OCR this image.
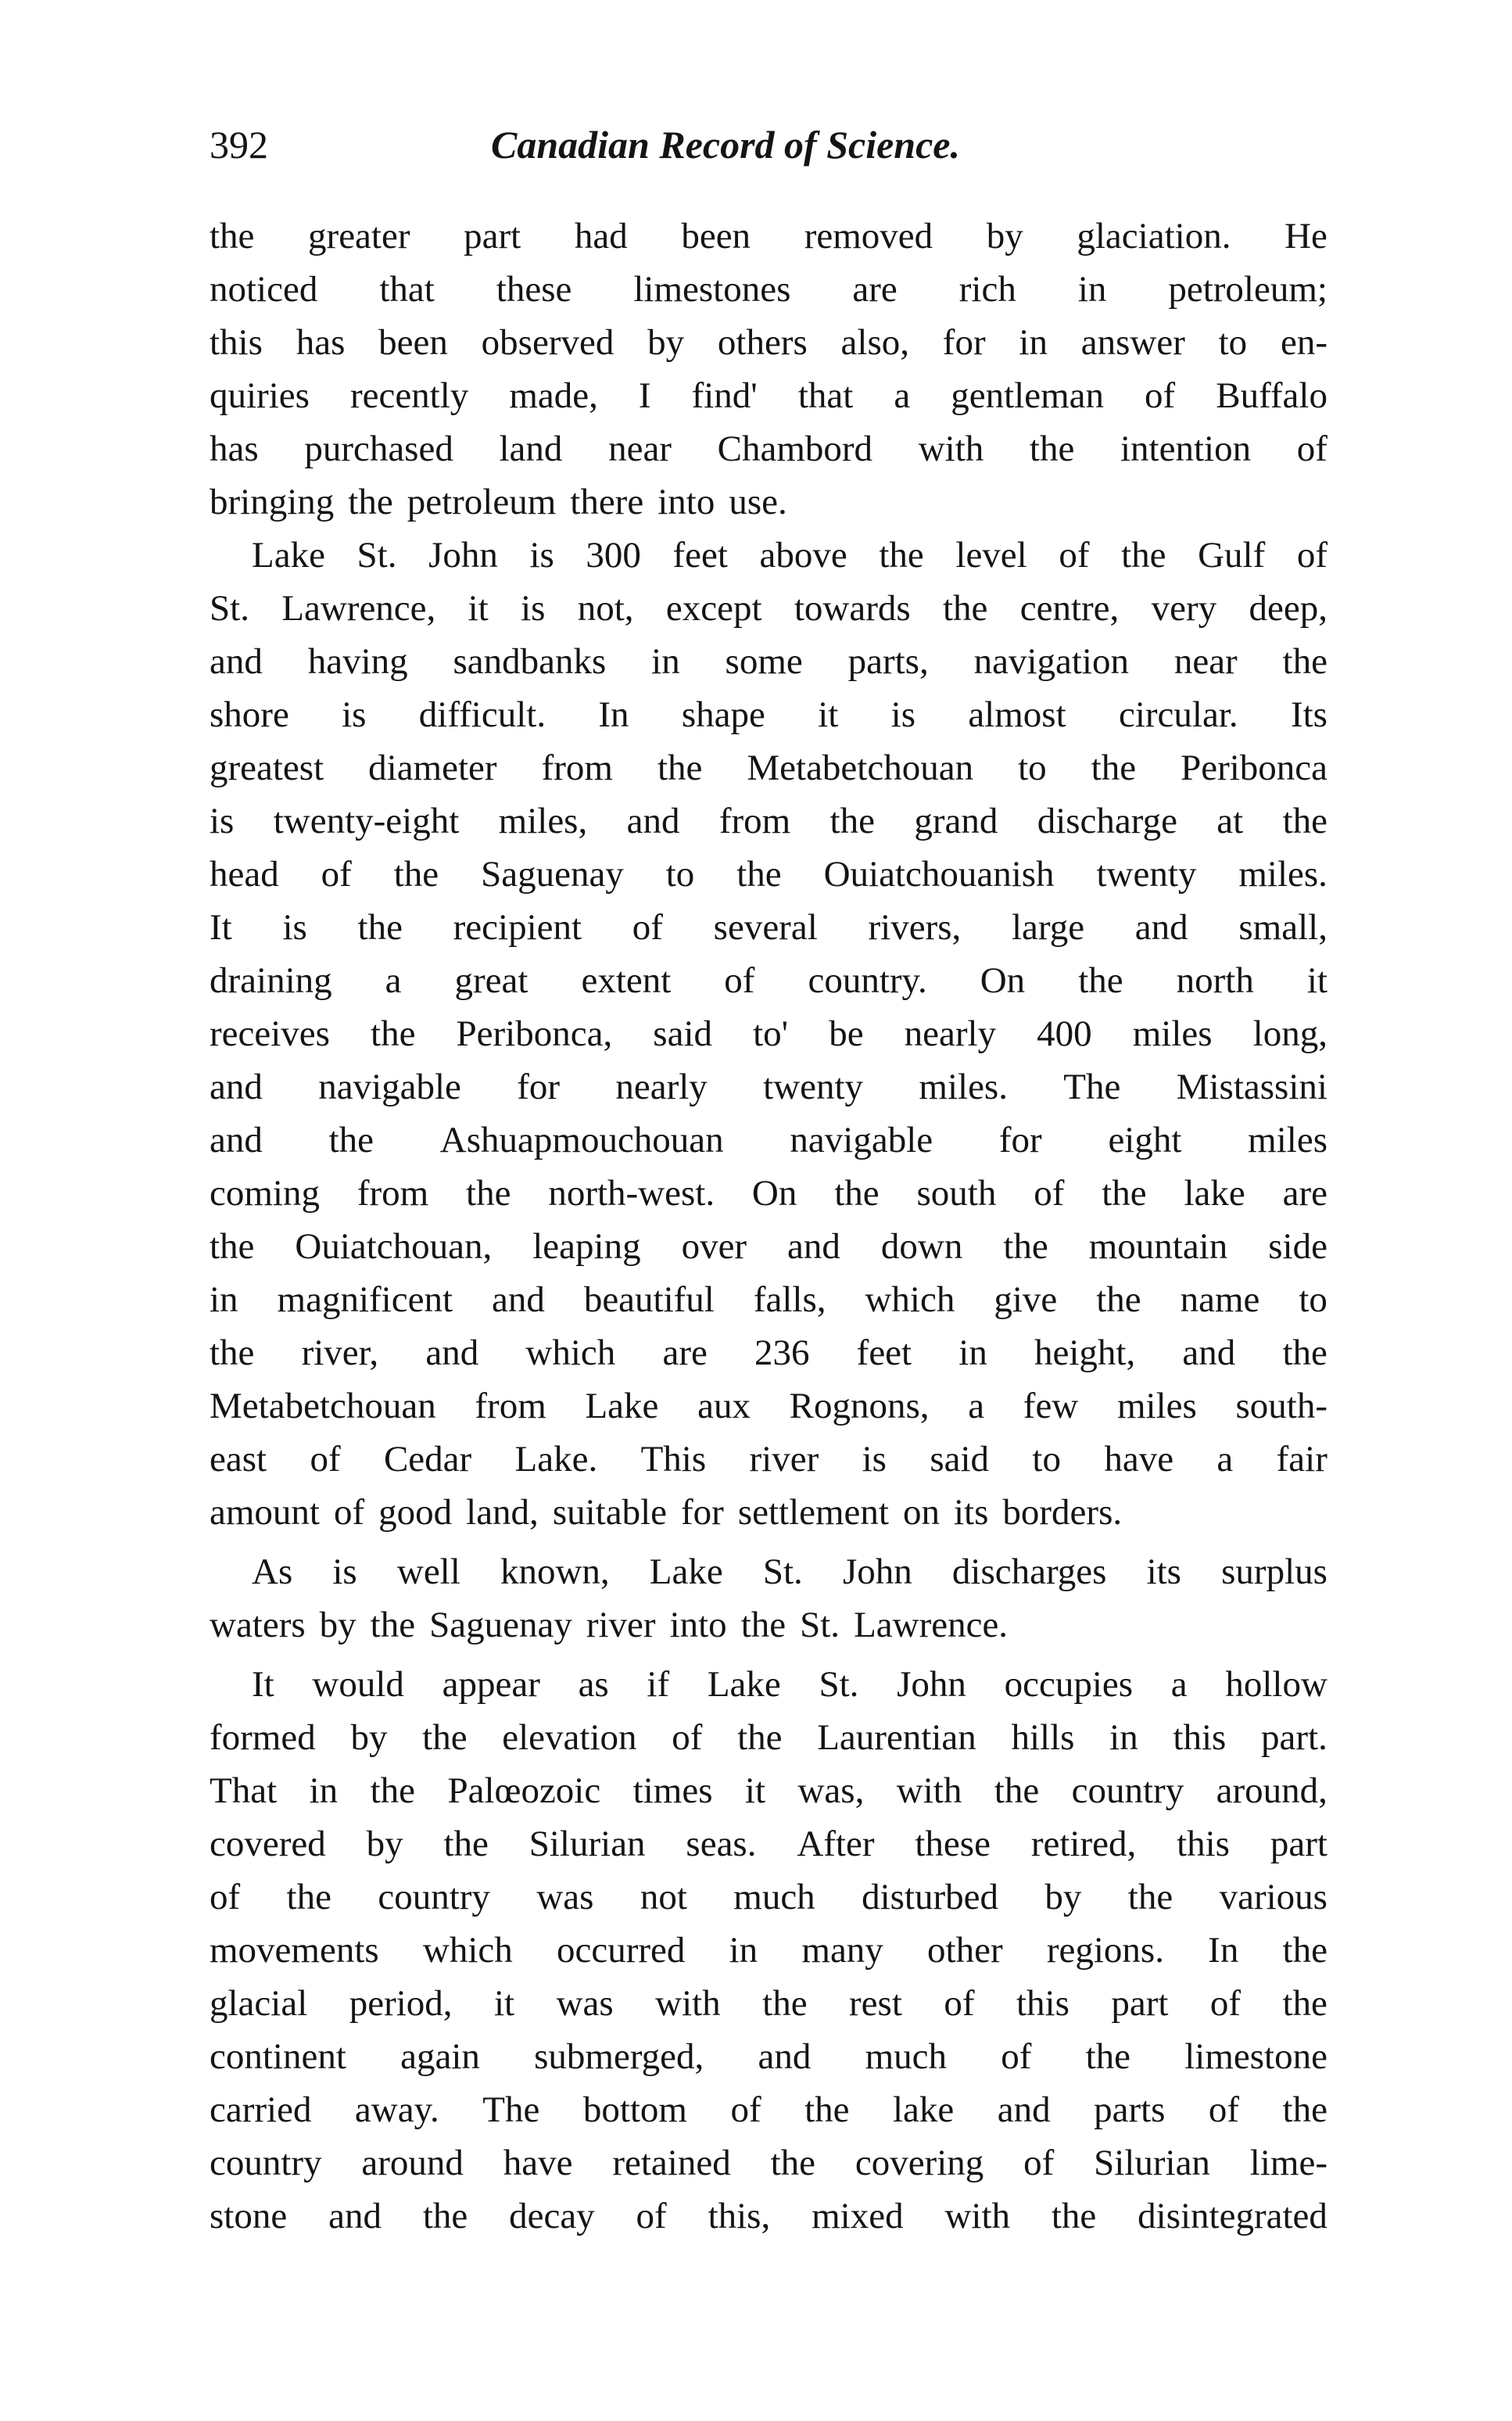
392	Canadian Record of Science.
the greater part had been removed by glaciation. He
noticed that these limestones are rich in petroleum;
this has been observed by others also, for in answer to en-
quiries recently made, I find' that a gentleman of Buffalo
has purchased land near Chambord with the intention of
bringing the petroleum there into use.
Lake St. John is 300 feet above the level of the Gulf of
St. Lawrence, it is not, except towards the centre, very deep,
and having sandbanks in some parts, navigation near the
shore is difficult. In shape it is almost circular. Its
greatest diameter from the Metabetchouan to the Peribonca
is twenty-eight miles, and from the grand discharge at the
head of the Saguenay to the Ouiatchouanish twenty miles.
It is the recipient of several rivers, large and small,
draining a great extent of country. On the north it
receives the Peribonca, said to' be nearly 400 miles long,
and navigable for nearly twenty miles. The Mistassini
and the Ashuapmouchouan navigable for eight miles
coming from the north-west. On the south of the lake are
the Ouiatchouan, leaping over and down the mountain side
in magnificent and beautiful falls, which give the name to
the river, and which are 236 feet in height, and the
Metabetchouan from Lake aux Rognons, a few miles south-
east of Cedar Lake. This river is said to have a fair
amount of good land, suitable for settlement on its borders.
As is well known, Lake St. John discharges its surplus
waters by the Saguenay river into the St. Lawrence.
It would appear as if Lake St. John occupies a hollow
formed by the elevation of the Laurentian hills in this part.
That in the Palœozoic times it was, with the country around,
covered by the Silurian seas. After these retired, this part
of the country was not much disturbed by the various
movements which occurred in many other regions. In the
glacial period, it was with the rest of this part of the
continent again submerged, and much of the limestone
carried away. The bottom of the lake and parts of the
country around have retained the covering of Silurian lime-
stone and the decay of this, mixed with the disintegrated
